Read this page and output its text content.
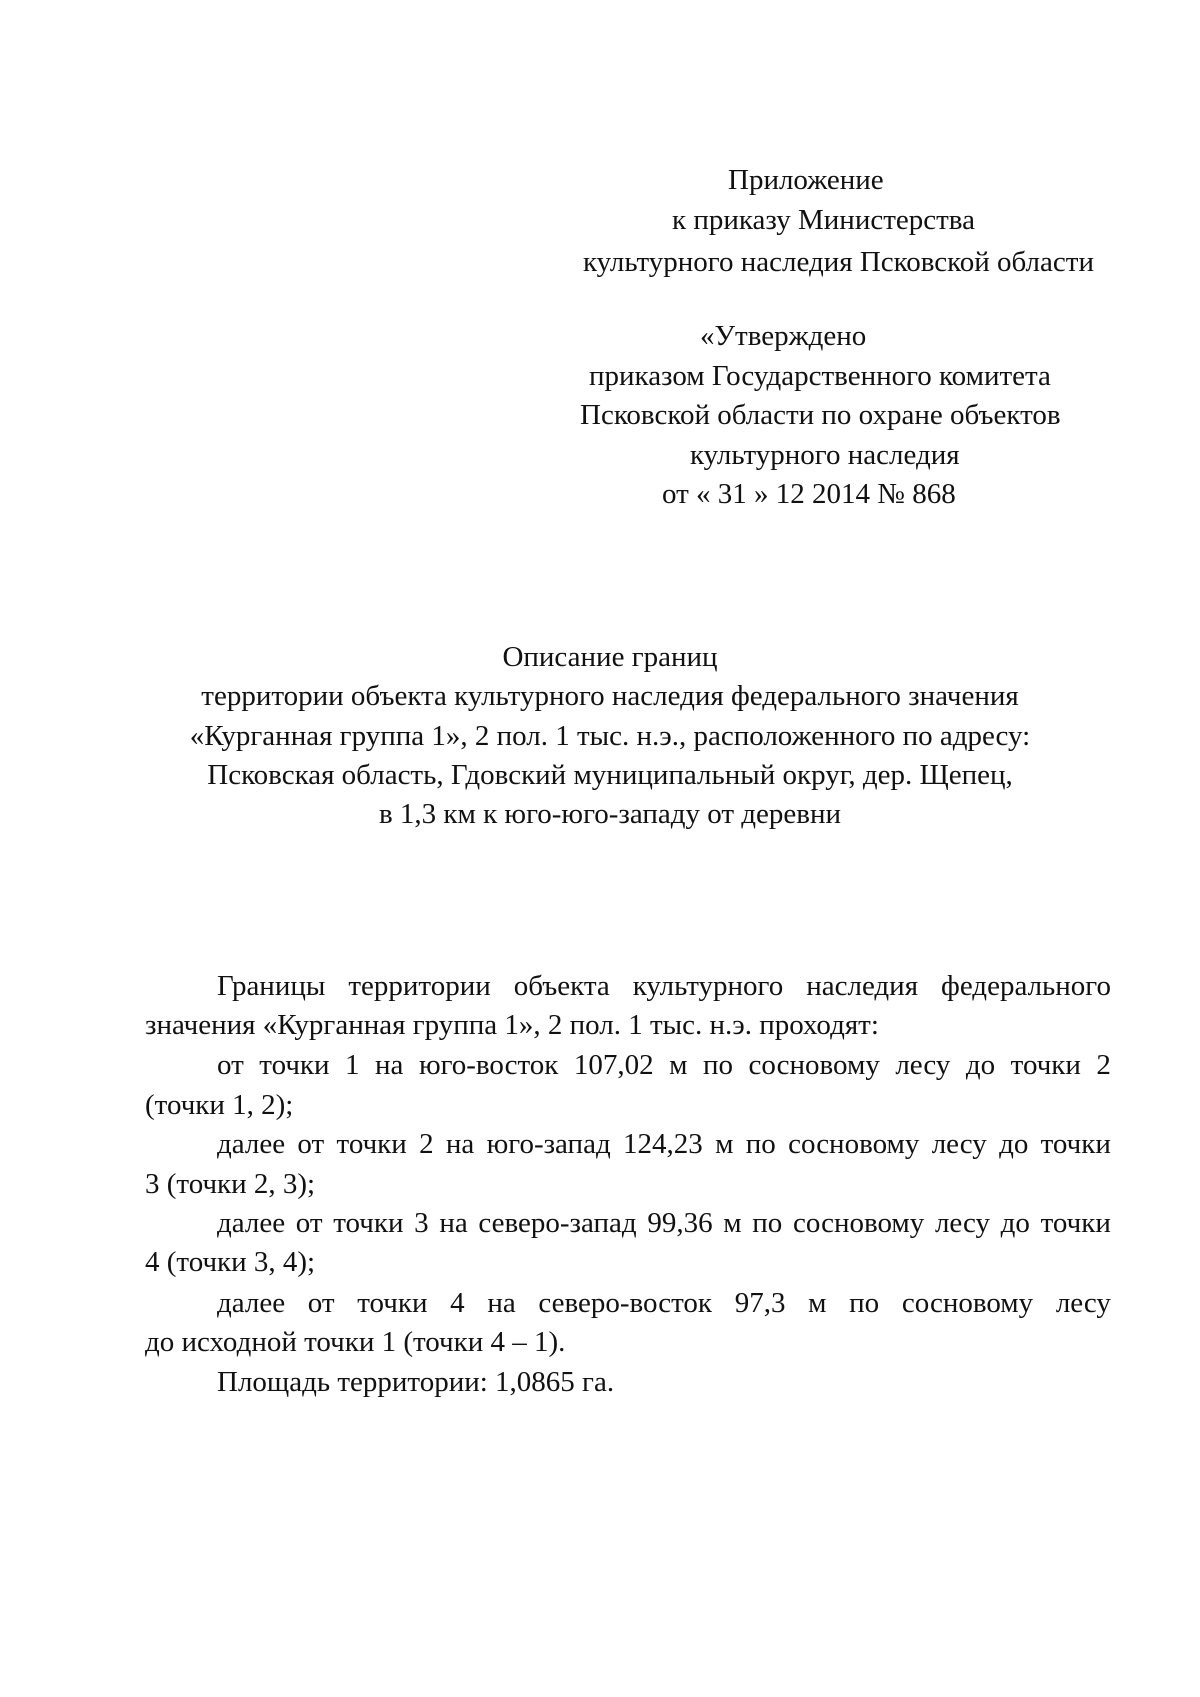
Приложение
к приказу Министерства
культурного наследия Псковской области
«Утверждено
приказом Государственного комитета
Псковской области по охране объектов
культурного наследия
от « 31 » 12 2014 № 868
Описание границ
территории объекта культурного наследия федерального значения
«Курганная группа 1», 2 пол. 1 тыс. н.э., расположенного по адресу:
Псковская область, Гдовский муниципальный округ, дер. Щепец,
в 1,3 км к юго-юго-западу от деревни
Границы территории объекта культурного наследия федерального
значения «Курганная группа 1», 2 пол. 1 тыс. н.э. проходят:
от точки 1 на юго-восток 107,02 м по сосновому лесу до точки 2
(точки 1, 2);
далее от точки 2 на юго-запад 124,23 м по сосновому лесу до точки
3 (точки 2, 3);
далее от точки 3 на северо-запад 99,36 м по сосновому лесу до точки
4 (точки 3, 4);
далее от точки 4 на северо-восток 97,3 м по сосновому лесу
до исходной точки 1 (точки 4 – 1).
Площадь территории: 1,0865 га.
